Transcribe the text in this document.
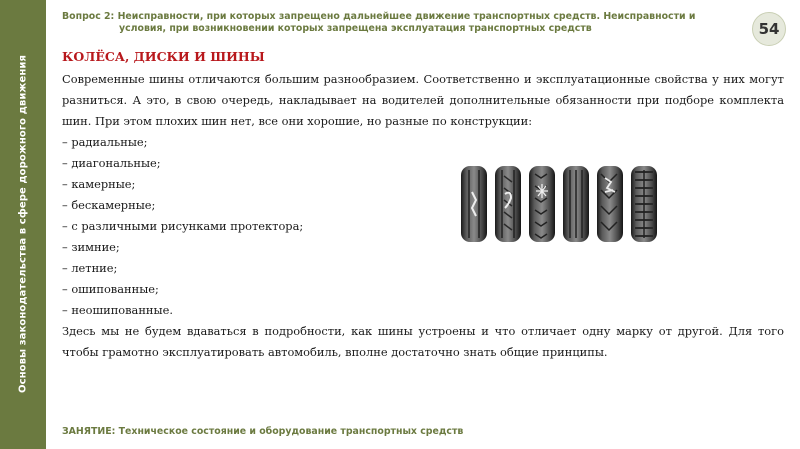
Основы законодательства в сфере дорожного движения
Вопрос 2: Неисправности, при которых запрещено дальнейшее движение транспортных средств. Неисправности и
условия, при возникновении которых запрещена эксплуатация транспортных средств	54
КОЛЁСА, ДИСКИ И ШИНЫ

Современные шины отличаются большим разнообразием. Соответственно и эксплуатационные свойства у них могут разниться. А это, в свою очередь, накладывает на водителей дополнительные обязанности при подборе комплекта шин. При этом плохих шин нет, все они хорошие, но разные по конструкции:

– радиальные;
– диагональные;
– камерные;
– бескамерные;
– с различными рисунками протектора;
– зимние;
– летние;
– ошипованные;
– неошипованные.

Здесь мы не будем вдаваться в подробности, как шины устроены и что отличает одну марку от другой. Для того чтобы грамотно эксплуатировать автомобиль, вполне достаточно знать общие принципы.

ЗАНЯТИЕ: Техническое состояние и оборудование транспортных средств
